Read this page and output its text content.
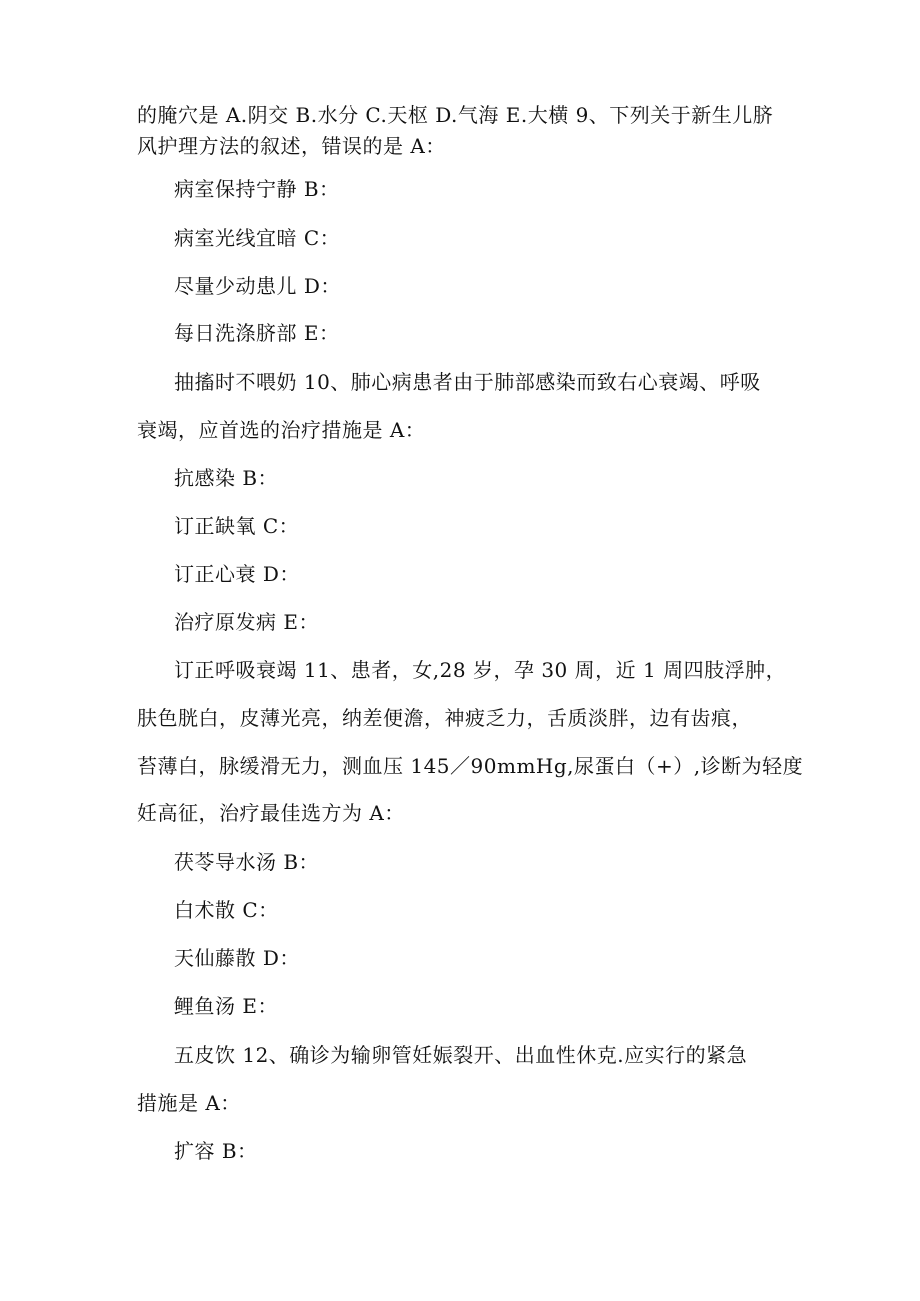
的腌穴是 A.阴交 B.水分 C.天枢 D.气海 E.大横 9、下列关于新生儿脐
风护理方法的叙述，错误的是 A：
病室保持宁静 B：
病室光线宜暗 C：
尽量少动患儿 D：
每日洗涤脐部 E：
抽搐时不喂奶 10、肺心病患者由于肺部感染而致右心衰竭、呼吸
衰竭，应首选的治疗措施是 A：
抗感染 B：
订正缺氧 C：
订正心衰 D：
治疗原发病 E：
订正呼吸衰竭 11、患者，女,28 岁，孕 30 周，近 1 周四肢浮肿，
肤色胱白，皮薄光亮，纳差便澹，神疲乏力，舌质淡胖，边有齿痕，
苔薄白，脉缓滑无力，测血压 145／90mmHg,尿蛋白（+）,诊断为轻度
妊高征，治疗最佳选方为 A：
茯苓导水汤 B：
白术散 C：
天仙藤散 D：
鲤鱼汤 E：
五皮饮 12、确诊为输卵管妊娠裂开、出血性休克.应实行的紧急
措施是 A：
扩容 B：
